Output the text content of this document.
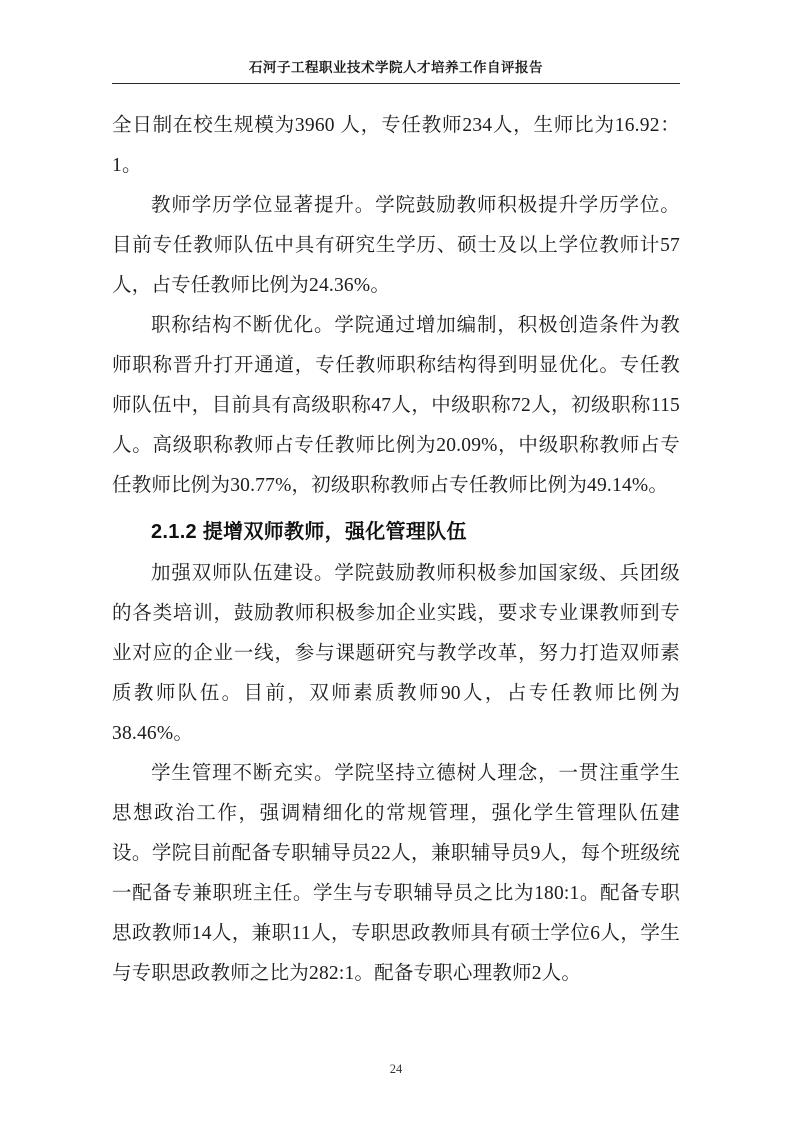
石河子工程职业技术学院人才培养工作自评报告

全日制在校生规模为3960 人，专任教师234人，生师比为16.92：1。

教师学历学位显著提升。学院鼓励教师积极提升学历学位。目前专任教师队伍中具有研究生学历、硕士及以上学位教师计57人，占专任教师比例为24.36%。

职称结构不断优化。学院通过增加编制，积极创造条件为教师职称晋升打开通道，专任教师职称结构得到明显优化。专任教师队伍中，目前具有高级职称47人，中级职称72人，初级职称115人。高级职称教师占专任教师比例为20.09%，中级职称教师占专任教师比例为30.77%，初级职称教师占专任教师比例为49.14%。

2.1.2 提增双师教师，强化管理队伍

加强双师队伍建设。学院鼓励教师积极参加国家级、兵团级的各类培训，鼓励教师积极参加企业实践，要求专业课教师到专业对应的企业一线，参与课题研究与教学改革，努力打造双师素质教师队伍。目前，双师素质教师90人，占专任教师比例为38.46%。

学生管理不断充实。学院坚持立德树人理念，一贯注重学生思想政治工作，强调精细化的常规管理，强化学生管理队伍建设。学院目前配备专职辅导员22人，兼职辅导员9人，每个班级统一配备专兼职班主任。学生与专职辅导员之比为180:1。配备专职思政教师14人，兼职11人，专职思政教师具有硕士学位6人，学生与专职思政教师之比为282:1。配备专职心理教师2人。

24
